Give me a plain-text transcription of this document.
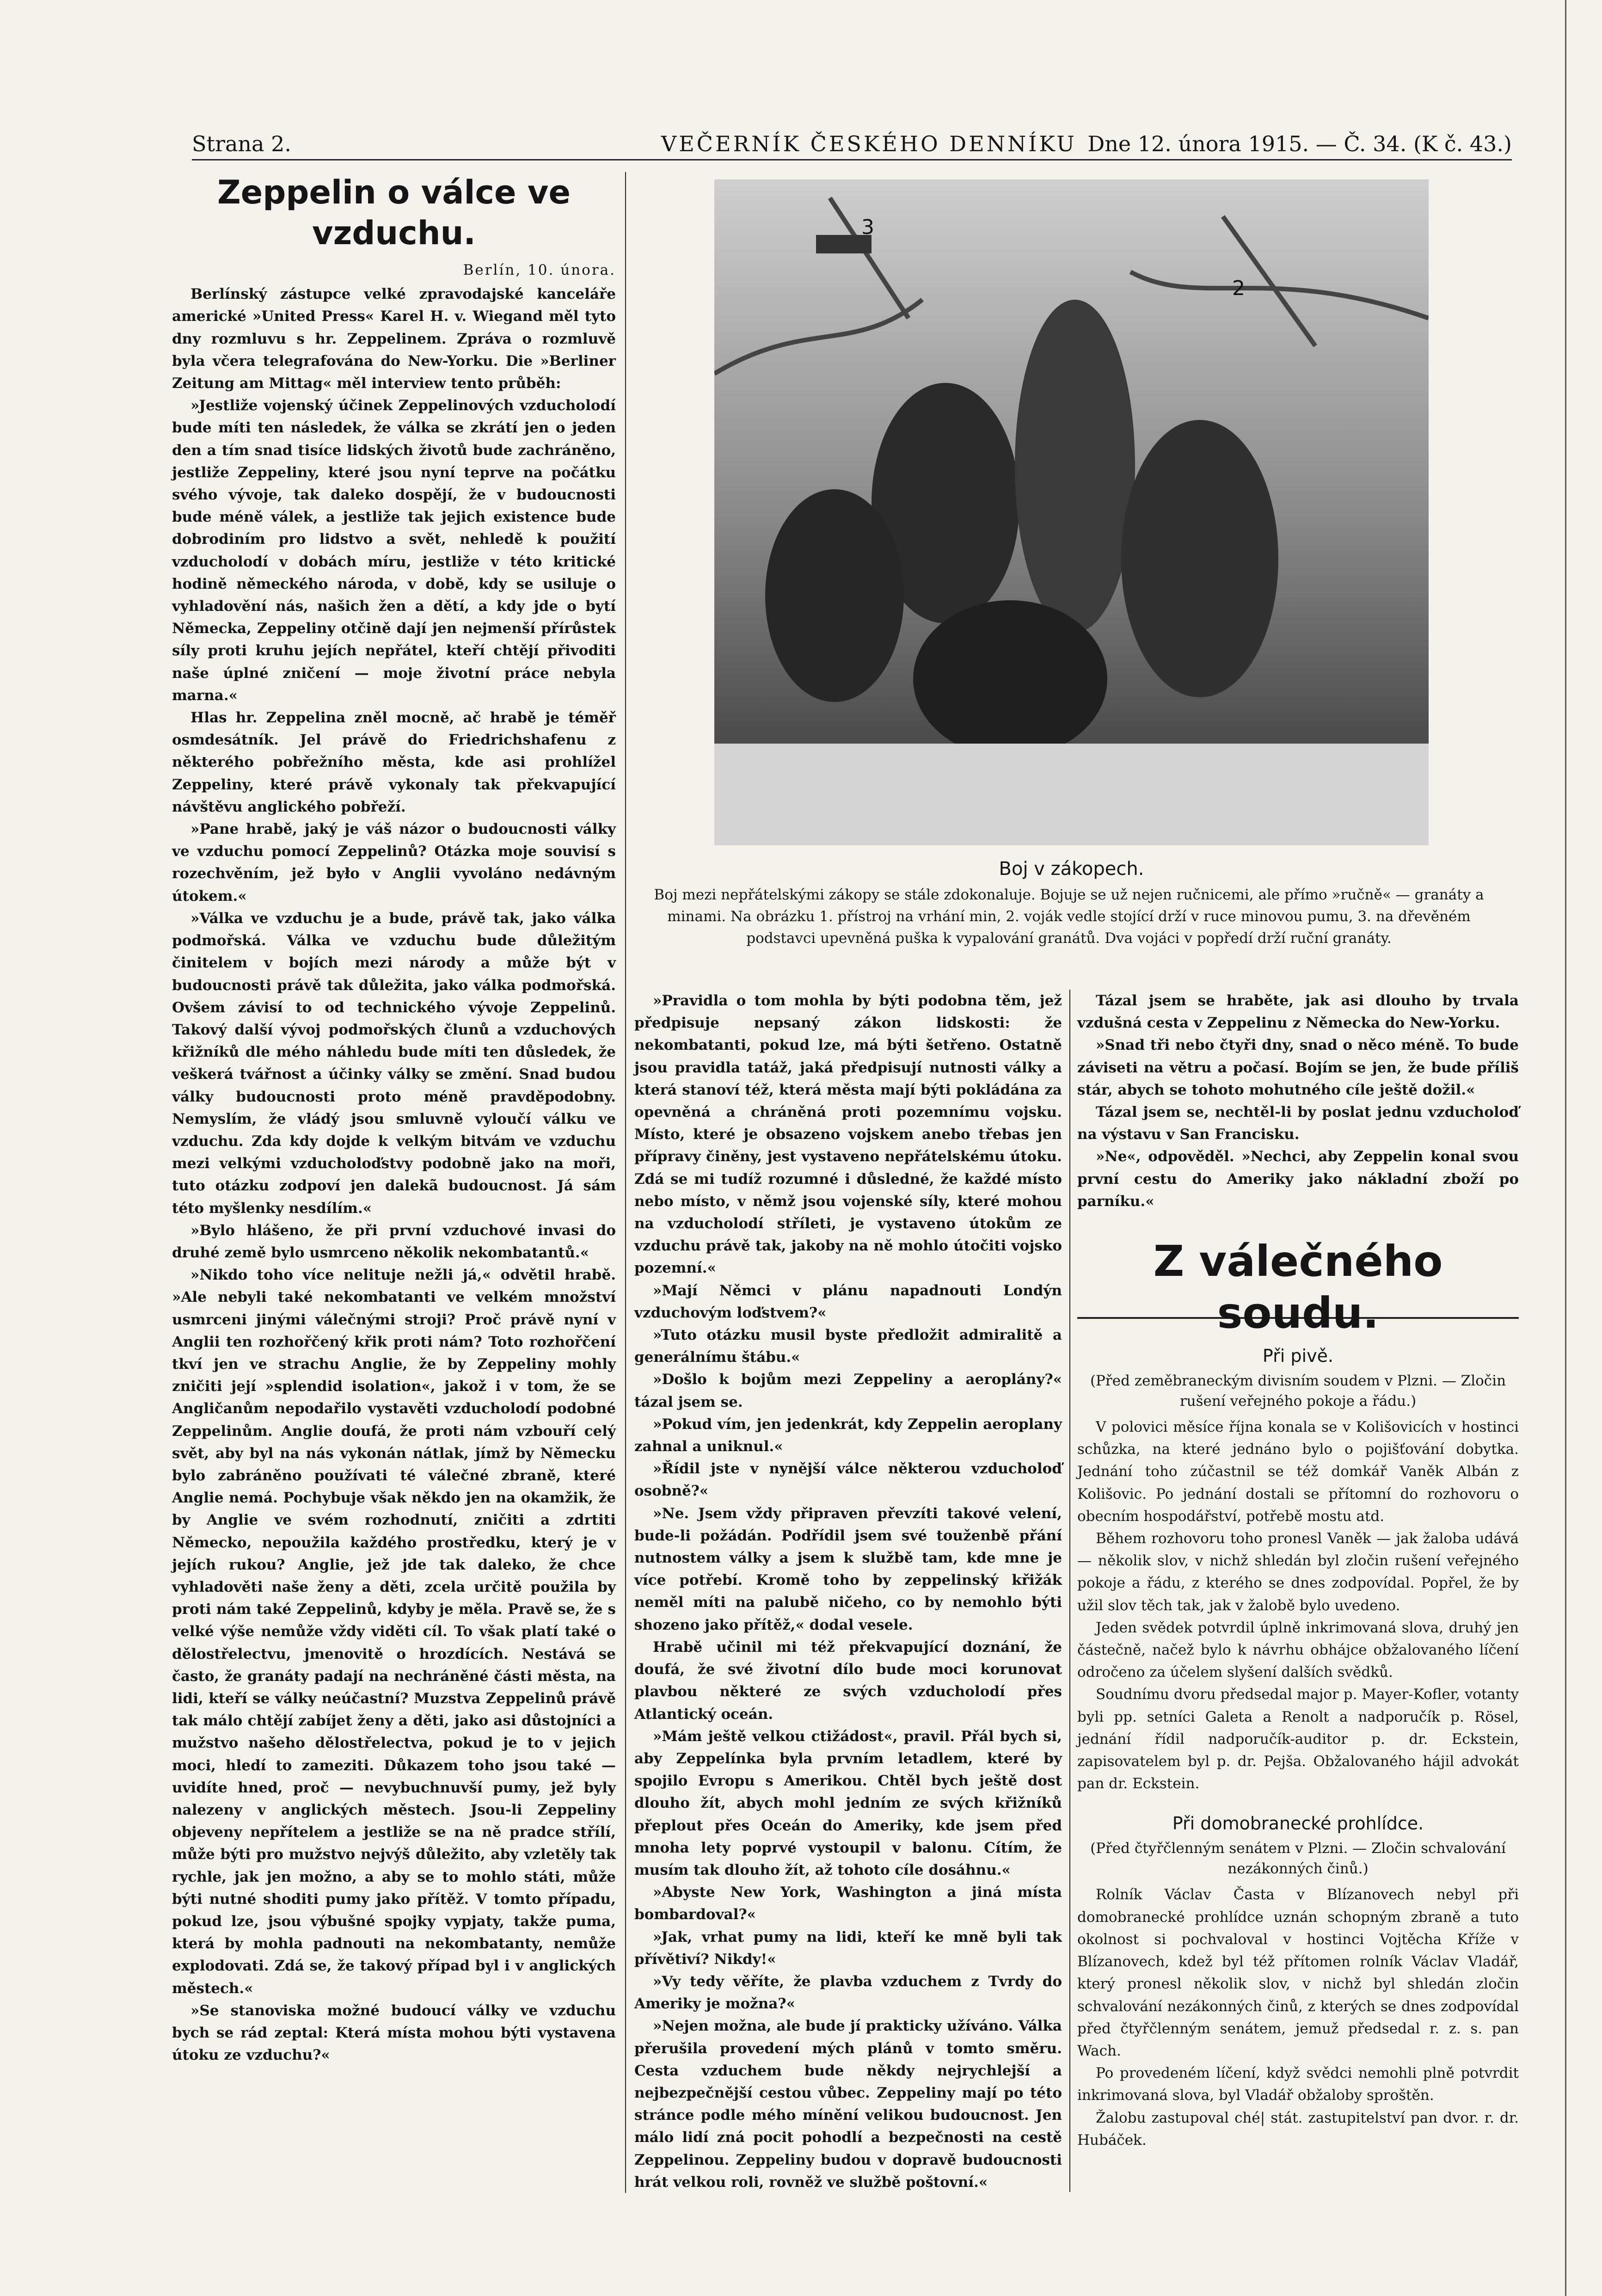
Strana 2.	VEČERNÍK ČESKÉHO DENNÍKU Dne 12. února 1915. — Č. 34. (K č. 43.)
Zeppelin o válce ve vzduchu.
Berlín, 10. února.

Berlínský zástupce velké zpravodajské kanceláře americké »United Press« Karel H. v. Wiegand měl tyto dny rozmluvu s hr. Zeppelinem. Zpráva o rozmluvě byla včera telegrafována do New-Yorku. Die »Berliner Zeitung am Mittag« měl interview tento průběh:

»Jestliže vojenský účinek Zeppelinových vzducholodí bude míti ten následek, že válka se zkrátí jen o jeden den a tím snad tisíce lidských životů bude zachráněno, jestliže Zeppeliny, které jsou nyní teprve na počátku svého vývoje, tak daleko dospějí, že v budoucnosti bude méně válek, a jestliže tak jejich existence bude dobrodiním pro lidstvo a svět, nehledě k použití vzducholodí v dobách míru, jestliže v této kritické hodině německého národa, v době, kdy se usiluje o vyhladovění nás, našich žen a dětí, a kdy jde o bytí Německa, Zeppeliny otčině dají jen nejmenší přírůstek síly proti kruhu jejích nepřátel, kteří chtějí přivoditi naše úplné zničení — moje životní práce nebyla marna.«

Hlas hr. Zeppelina zněl mocně, ač hrabě je téměř osmdesátník. Jel právě do Friedrichshafenu z některého pobřežního města, kde asi prohlížel Zeppeliny, které právě vykonaly tak překvapující návštěvu anglického pobřeží.

»Pane hrabě, jaký je váš názor o budoucnosti války ve vzduchu pomocí Zeppelinů? Otázka moje souvisí s rozechvěním, jež było v Anglii vyvoláno nedávným útokem.«

»Válka ve vzduchu je a bude, právě tak, jako válka podmořská. Válka ve vzduchu bude důležitým činitelem v bojích mezi národy a může být v budoucnosti právě tak důležita, jako válka podmořská. Ovšem závisí to od technického vývoje Zeppelinů. Takový další vývoj podmořských člunů a vzduchových křižníků dle mého náhledu bude míti ten důsledek, že veškerá tvářnost a účinky války se změní. Snad budou války budoucnosti proto méně pravděpodobny. Nemyslím, že vládý jsou smluvně vyloučí válku ve vzduchu. Zda kdy dojde k velkým bitvám ve vzduchu mezi velkými vzducholoďstvy podobně jako na moři, tuto otázku zodpoví jen dalekã budoucnost. Já sám této myšlenky nesdílím.«

»Bylo hlášeno, že při první vzduchové invasi do druhé země bylo usmrceno několik nekombatantů.«

»Nikdo toho více nelituje nežli já,« odvětil hrabě. »Ale nebyli také nekombatanti ve velkém množství usmrceni jinými válečnými stroji? Proč právě nyní v Anglii ten rozhořčený křik proti nám? Toto rozhořčení tkví jen ve strachu Anglie, že by Zeppeliny mohly zničiti její »splendid isolation«, jakož i v tom, že se Angličanům nepodařilo vystavěti vzducholodí podobné Zeppelinům. Anglie doufá, že proti nám vzbouří celý svět, aby byl na nás vykonán nátlak, jímž by Německu bylo zabráněno používati té válečné zbraně, které Anglie nemá. Pochybuje však někdo jen na okamžik, že by Anglie ve svém rozhodnutí, zničiti a zdrtiti Německo, nepoužila každého prostředku, který je v jejích rukou? Anglie, jež jde tak daleko, že chce vyhladověti naše ženy a děti, zcela určitě použila by proti nám také Zeppelinů, kdyby je měla. Pravě se, že s velké výše nemůže vždy viděti cíl. To však platí také o dělostřelectvu, jmenovitě o hrozdících. Nestává se často, že granáty padají na nechráněné části města, na lidi, kteří se války neúčastní? Muzstva Zeppelinů právě tak málo chtějí zabíjet ženy a děti, jako asi důstojníci a mužstvo našeho dělostřelectva, pokud je to v jejich moci, hledí to zameziti. Důkazem toho jsou také — uvidíte hned, proč — nevybuchnuvší pumy, jež byly nalezeny v anglických městech. Jsou-li Zeppeliny objeveny nepřítelem a jestliže se na ně pradce střílí, může býti pro mužstvo nejvýš důležito, aby vzletěly tak rychle, jak jen možno, a aby se to mohlo státi, může býti nutné shoditi pumy jako přítěž. V tomto případu, pokud lze, jsou výbušné spojky vypjaty, takže puma, která by mohla padnouti na nekombatanty, nemůže explodovati. Zdá se, že takový případ byl i v anglických městech.«

»Se stanoviska možné budoucí války ve vzduchu bych se rád zeptal: Která místa mohou býti vystavena útoku ze vzduchu?«

3
2
Boj v zákopech.
Boj mezi nepřátelskými zákopy se stále zdokonaluje. Bojuje se už nejen ručnicemi, ale přímo »ručně« — granáty a minami. Na obrázku 1. přístroj na vrhání min, 2. voják vedle stojící drží v ruce minovou pumu, 3. na dřevěném podstavci upevněná puška k vypalování granátů. Dva vojáci v popředí drží ruční granáty.

»Pravidla o tom mohla by býti podobna těm, jež předpisuje nepsaný zákon lidskosti: že nekombatanti, pokud lze, má býti šetřeno. Ostatně jsou pravidla tatáž, jaká předpisují nutnosti války a která stanoví též, která města mají býti pokládána za opevněná a chráněná proti pozemnímu vojsku. Místo, které je obsazeno vojskem anebo třebas jen přípravy činěny, jest vystaveno nepřátelskému útoku. Zdá se mi tudíž rozumné i důsledné, že každé místo nebo místo, v němž jsou vojenské síly, které mohou na vzducholodí stříleti, je vystaveno útokům ze vzduchu právě tak, jakoby na ně mohlo útočiti vojsko pozemní.«

»Mají Němci v plánu napadnouti Londýn vzduchovým loďstvem?«

»Tuto otázku musil byste předložit admiralitě a generálnímu štábu.«

»Došlo k bojům mezi Zeppeliny a aeroplány?« tázal jsem se.

»Pokud vím, jen jedenkrát, kdy Zeppelin aeroplany zahnal a uniknul.«

»Řídil jste v nynější válce některou vzducholoď osobně?«

»Ne. Jsem vždy připraven převzíti takové velení, bude-li požádán. Podřídil jsem své touženbě přání nutnostem války a jsem k službě tam, kde mne je více potřebí. Kromě toho by zeppelinský křižák neměl míti na palubě ničeho, co by nemohlo býti shozeno jako přítěž,« dodal vesele.

Hrabě učinil mi též překvapující doznání, že doufá, že své životní dílo bude moci korunovat plavbou některé ze svých vzducholodí přes Atlantický oceán.

»Mám ještě velkou ctižádost«, pravil. Přál bych si, aby Zeppelínka byla prvním letadlem, které by spojilo Evropu s Amerikou. Chtěl bych ještě dost dlouho žít, abych mohl jedním ze svých křižníků přeplout přes Oceán do Ameriky, kde jsem před mnoha lety poprvé vystoupil v balonu. Cítím, že musím tak dlouho žít, až tohoto cíle dosáhnu.«

»Abyste New York, Washington a jiná místa bombardoval?«

»Jak, vrhat pumy na lidi, kteří ke mně byli tak přívětiví? Nikdy!«

»Vy tedy věříte, že plavba vzduchem z Tvrdy do Ameriky je možna?«

»Nejen možna, ale bude jí prakticky užíváno. Válka přerušila provedení mých plánů v tomto směru. Cesta vzduchem bude někdy nejrychlejší a nejbezpečnější cestou vůbec. Zeppeliny mají po této stránce podle mého mínění velikou budoucnost. Jen málo lidí zná pocit pohodlí a bezpečnosti na cestě Zeppelinou. Zeppeliny budou v dopravě budoucnosti hrát velkou roli, rovněž ve službě poštovní.«

Tázal jsem se hraběte, jak asi dlouho by trvala vzdušná cesta v Zeppelinu z Německa do New-Yorku.

»Snad tři nebo čtyři dny, snad o něco méně. To bude záviseti na větru a počasí. Bojím se jen, že bude příliš stár, abych se tohoto mohutného cíle ještě dožil.«

Tázal jsem se, nechtěl-li by poslat jednu vzducholoď na výstavu v San Francisku.

»Ne«, odpověděl. »Nechci, aby Zeppelin konal svou první cestu do Ameriky jako nákladní zboží po parníku.«

Z válečného soudu.
Při pivě.
(Před zeměbraneckým divisním soudem v Plzni. — Zločin rušení veřejného pokoje a řádu.)

V polovici měsíce října konala se v Kolišovicích v hostinci schůzka, na které jednáno bylo o pojišťování dobytka. Jednání toho zúčastnil se též domkář Vaněk Albán z Kolišovic. Po jednání dostali se přítomní do rozhovoru o obecním hospodářství, potřebě mostu atd.

Během rozhovoru toho pronesl Vaněk — jak žaloba udává — několik slov, v nichž shledán byl zločin rušení veřejného pokoje a řádu, z kterého se dnes zodpovídal. Popřel, že by užil slov těch tak, jak v žalobě bylo uvedeno.

Jeden svědek potvrdil úplně inkrimovaná slova, druhý jen částečně, načež bylo k návrhu obhájce obžalovaného líčení odročeno za účelem slyšení dalších svědků.

Soudnímu dvoru předsedal major p. Mayer-Kofler, votanty byli pp. setníci Galeta a Renolt a nadporučík p. Rösel, jednání řídil nadporučík-auditor p. dr. Eckstein, zapisovatelem byl p. dr. Pejša. Obžalovaného hájil advokát pan dr. Eckstein.

Při domobranecké prohlídce.
(Před čtyřčlenným senátem v Plzni. — Zločin schvalování nezákonných činů.)

Rolník Václav Časta v Blízanovech nebyl při domobranecké prohlídce uznán schopným zbraně a tuto okolnost si pochvaloval v hostinci Vojtěcha Kříže v Blízanovech, kdež byl též přítomen rolník Václav Vladář, který pronesl několik slov, v nichž byl shledán zločin schvalování nezákonných činů, z kterých se dnes zodpovídal před čtyřčlenným senátem, jemuž předsedal r. z. s. pan Wach.

Po provedeném líčení, když svědci nemohli plně potvrdit inkrimovaná slova, byl Vladář obžaloby sproštěn.

Žalobu zastupoval ché| stát. zastupitelství pan dvor. r. dr. Hubáček.
